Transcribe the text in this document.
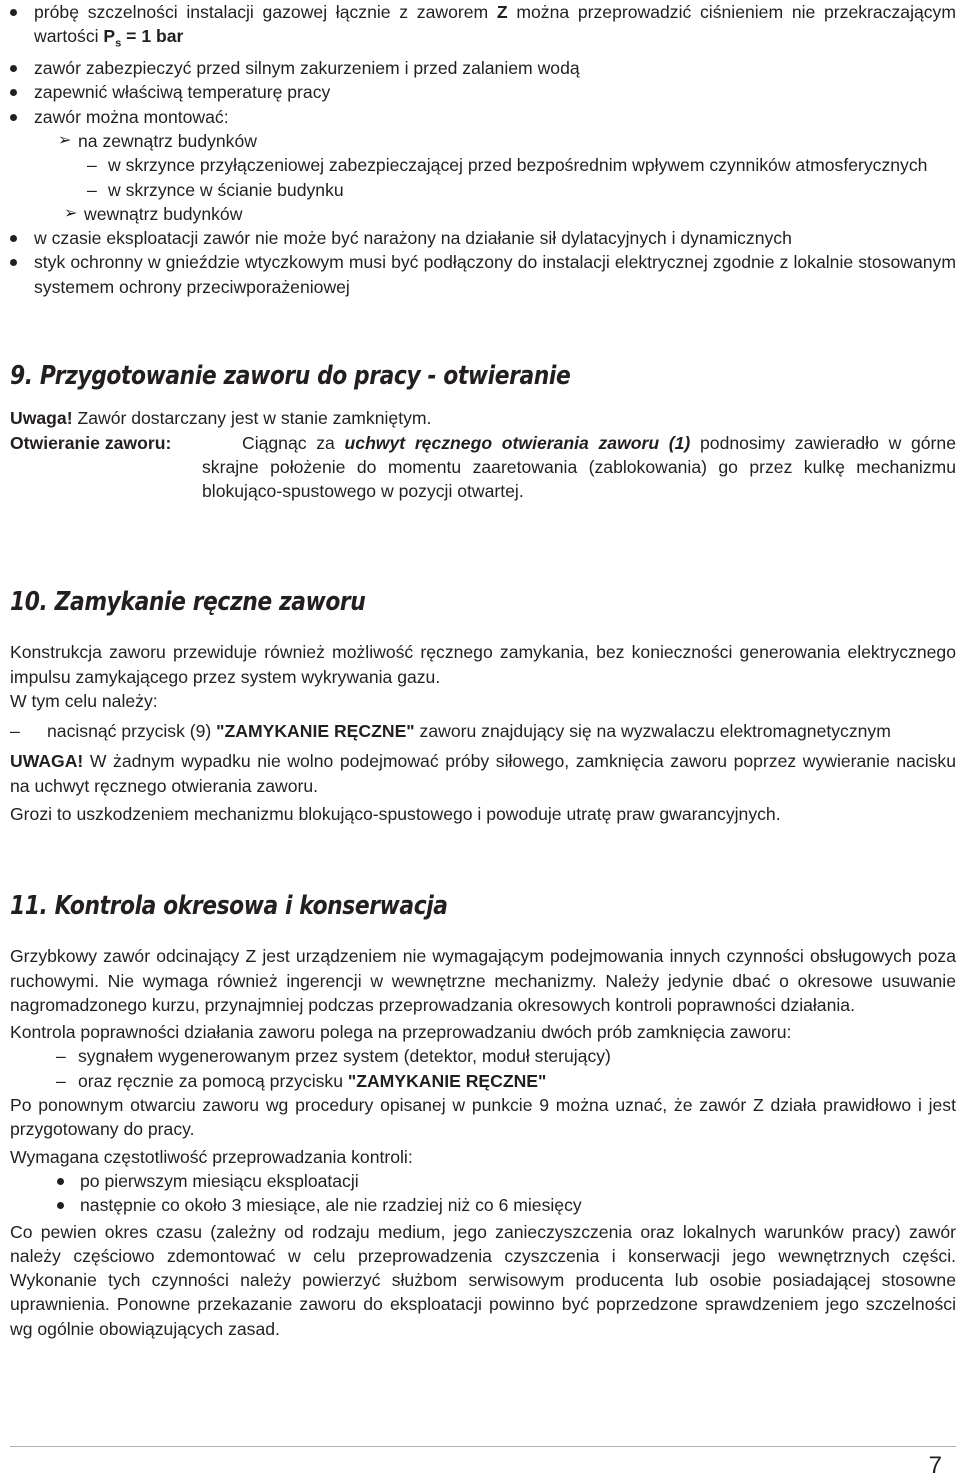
próbę szczelności instalacji gazowej łącznie z zaworem Z można przeprowadzić ciśnieniem nie przekraczającym wartości $P_s = 1$ bar

zawór zabezpieczyć przed silnym zakurzeniem i przed zalaniem wodą

zapewnić właściwą temperaturę pracy

zawór można montować:

➢ na zewnątrz budynków

– w skrzynce przyłączeniowej zabezpieczającej przed bezpośrednim wpływem czynników atmosferycznych

– w skrzynce w ścianie budynku

➢ wewnątrz budynków

w czasie eksploatacji zawór nie może być narażony na działanie sił dylatacyjnych i dynamicznych

styk ochronny w gnieździe wtyczkowym musi być podłączony do instalacji elektrycznej zgodnie z lokalnie stosowanym systemem ochrony przeciwporażeniowej

9. Przygotowanie zaworu do pracy - otwieranie

Uwaga! Zawór dostarczany jest w stanie zamkniętym.

Otwieranie zaworu:	Ciągnąc za uchwyt ręcznego otwierania zaworu (1) podnosimy zawieradło w górne skrajne położenie do momentu zaaretowania (zablokowania) go przez kulkę mechanizmu blokująco-spustowego w pozycji otwartej.
10. Zamykanie ręczne zaworu

Konstrukcja zaworu przewiduje również możliwość ręcznego zamykania, bez konieczności generowania elektrycznego impulsu zamykającego przez system wykrywania gazu.

W tym celu należy:

– nacisnąć przycisk (9) "ZAMYKANIE RĘCZNE" zaworu znajdujący się na wyzwalaczu elektromagnetycznym

UWAGA! W żadnym wypadku nie wolno podejmować próby siłowego, zamknięcia zaworu poprzez wywieranie nacisku na uchwyt ręcznego otwierania zaworu.

Grozi to uszkodzeniem mechanizmu blokująco-spustowego i powoduje utratę praw gwarancyjnych.

11. Kontrola okresowa i konserwacja

Grzybkowy zawór odcinający Z jest urządzeniem nie wymagającym podejmowania innych czynności obsługowych poza ruchowymi. Nie wymaga również ingerencji w wewnętrzne mechanizmy. Należy jedynie dbać o okresowe usuwanie nagromadzonego kurzu, przynajmniej podczas przeprowadzania okresowych kontroli poprawności działania.

Kontrola poprawności działania zaworu polega na przeprowadzaniu dwóch prób zamknięcia zaworu:

– sygnałem wygenerowanym przez system (detektor, moduł sterujący)

– oraz ręcznie za pomocą przycisku "ZAMYKANIE RĘCZNE"

Po ponownym otwarciu zaworu wg procedury opisanej w punkcie 9 można uznać, że zawór Z działa prawidłowo i jest przygotowany do pracy.

Wymagana częstotliwość przeprowadzania kontroli:

po pierwszym miesiącu eksploatacji

następnie co około 3 miesiące, ale nie rzadziej niż co 6 miesięcy

Co pewien okres czasu (zależny od rodzaju medium, jego zanieczyszczenia oraz lokalnych warunków pracy) zawór należy częściowo zdemontować w celu przeprowadzenia czyszczenia i konserwacji jego wewnętrznych części. Wykonanie tych czynności należy powierzyć służbom serwisowym producenta lub osobie posiadającej stosowne uprawnienia. Ponowne przekazanie zaworu do eksploatacji powinno być poprzedzone sprawdzeniem jego szczelności wg ogólnie obowiązujących zasad.

7
